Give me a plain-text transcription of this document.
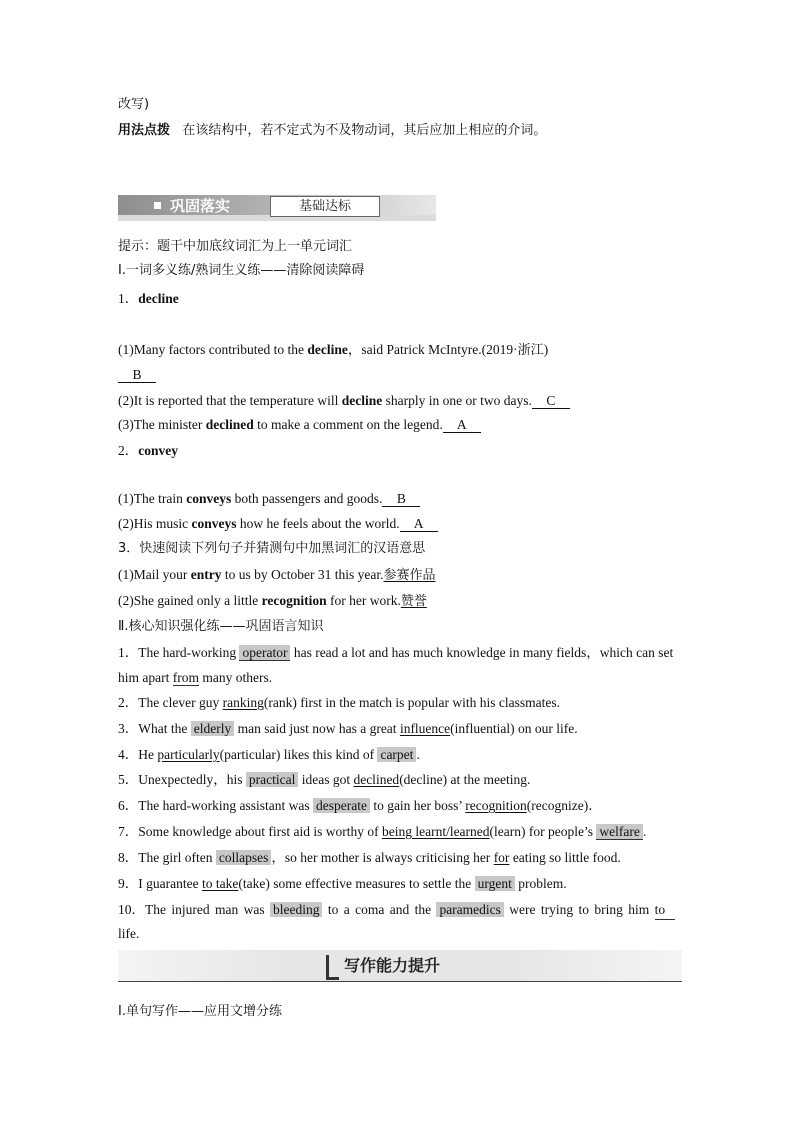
改写)
用法点拨 在该结构中，若不定式为不及物动词，其后应加上相应的介词。
巩固落实	基础达标
提示：题干中加底纹词汇为上一单元词汇
Ⅰ.一词多义练/熟词生义练——清除阅读障碍
1．decline
(1)Many factors contributed to the decline，said Patrick McIntyre.(2019·浙江)
B
(2)It is reported that the temperature will decline sharply in one or two days. C
(3)The minister declined to make a comment on the legend. A
2．convey
(1)The train conveys both passengers and goods. B
(2)His music conveys how he feels about the world. A
3．快速阅读下列句子并猜测句中加黑词汇的汉语意思
(1)Mail your entry to us by October 31 this year.参赛作品
(2)She gained only a little recognition for her work.赞誉
Ⅱ.核心知识强化练——巩固语言知识
1．The hard-working operator has read a lot and has much knowledge in many fields，which can set him apart from many others.
2．The clever guy ranking(rank) first in the match is popular with his classmates.
3．What the elderly man said just now has a great influence(influential) on our life.
4．He particularly(particular) likes this kind of carpet .
5．Unexpectedly，his practical ideas got declined(decline) at the meeting.
6．The hard-working assistant was desperate to gain her boss’ recognition(recognize)．
7．Some knowledge about first aid is worthy of being learnt/learned(learn) for people’s welfare .
8．The girl often collapses ，so her mother is always criticising her for eating so little food.
9．I guarantee to take(take) some effective measures to settle the urgent problem.
10．The injured man was bleeding to a coma and the paramedics were trying to bring him to
life.
写作能力提升
Ⅰ.单句写作——应用文增分练
